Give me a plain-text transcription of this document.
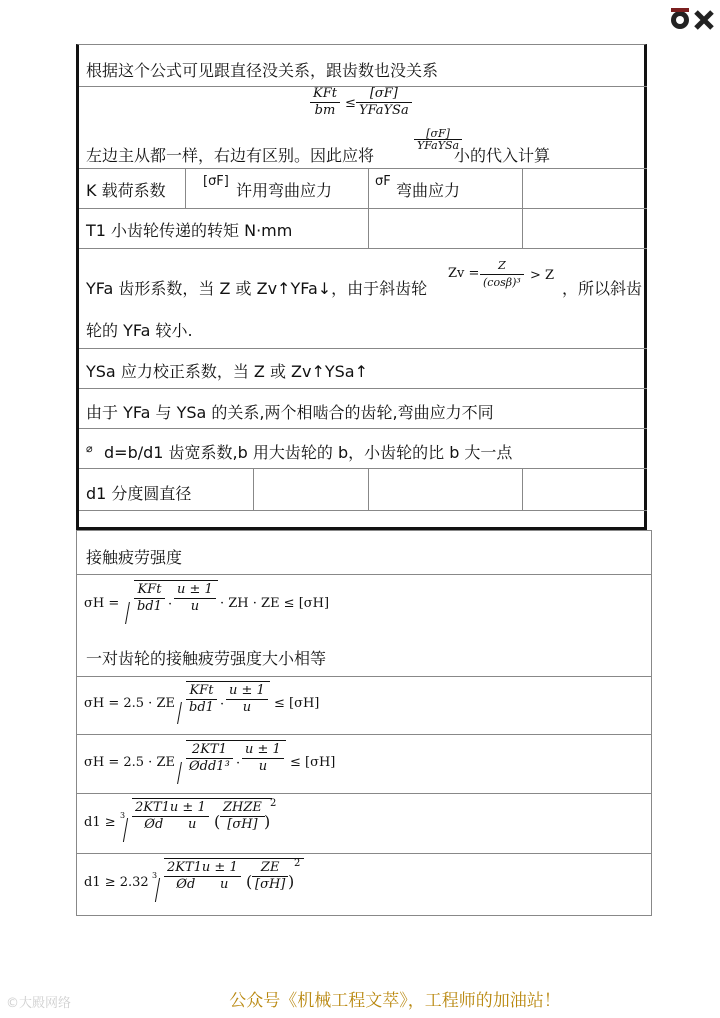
根据这个公式可见跟直径没关系，跟齿数也没关系
KFt
bm ≤
[σF]
YFaYSa
左边主从都一样，右边有区别。因此应将
[σF]
YFaYSa
小的代入计算
K 载荷系数	[σF] 许用弯曲应力	σF 弯曲应力
T1 小齿轮传递的转矩 N·mm
YFa 齿形系数，当 Z 或 Zv↑YFa↓，由于斜齿轮
$Zv = \frac{Z}{\text{(cosβ)³}} > Z$
，所以斜齿
轮的 YFa 较小.
YSa 应力校正系数，当 Z 或 Zv↑YSa↑
由于 YFa 与 YSa 的关系,两个相啮合的齿轮,弯曲应力不同
⌀ d=b/d1 齿宽系数,b 用大齿轮的 b，小齿轮的比 b 大一点
d1 分度圆直径
接触疲劳强度
σH =
KFt
$bd1 \cdot \frac{u \pm 1}{u}$ · ZH · ZE ≤ [σH]
一对齿轮的接触疲劳强度大小相等
σH = 2.5 · ZE
KFt
$bd1 \cdot \frac{u \pm 1}{u} \le [\sigma H]$
σH = 2.5 · ZE
2KT1
Ødd1³ · $\frac{u \pm 1}{u} \le [\sigma H]$
$d1 \ge 3 \frac{2KT1u \pm 1}{\text{Ød      u}}$ (
ZHZE
[σH] )
2
d1 ≥ 2.32 $3 \frac{2KT1u \pm 1}{\text{Ød      u}}$ ( $\frac{ZE}{[\sigma H]}$ )
2
©大殿网络	公众号《机械工程文萃》，工程师的加油站！
